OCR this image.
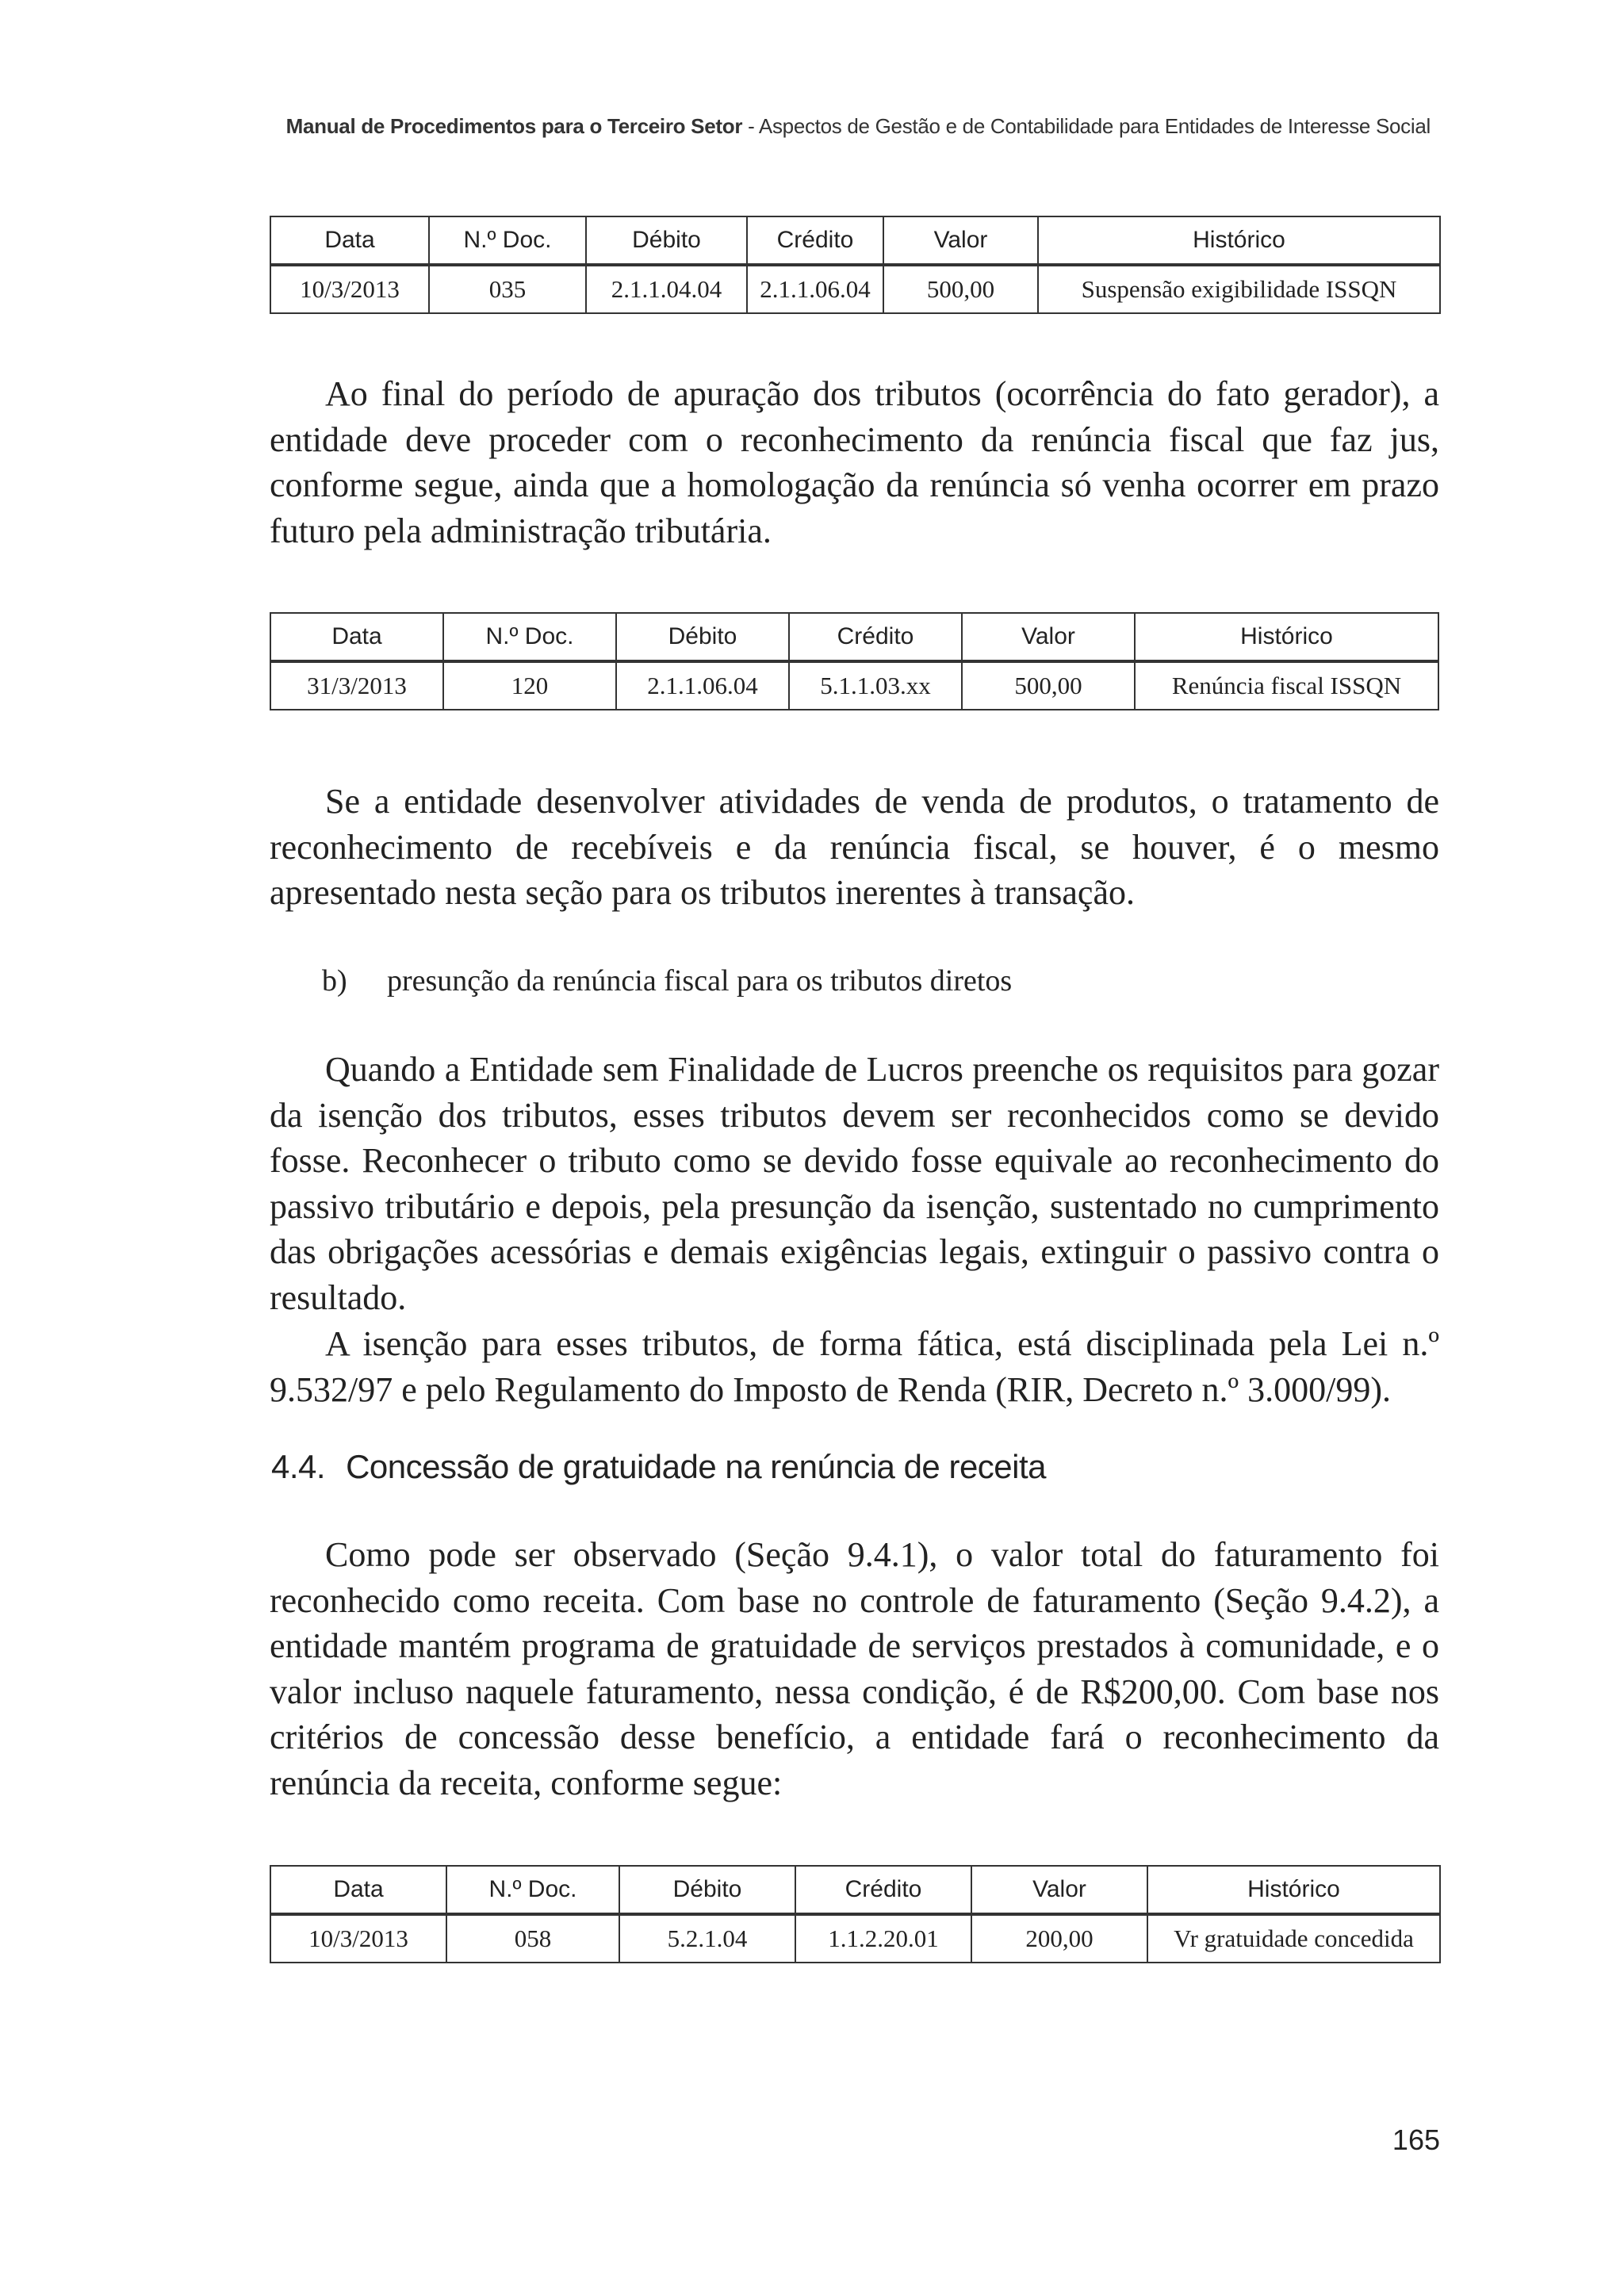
Manual de Procedimentos para o Terceiro Setor - Aspectos de Gestão e de Contabilidade para Entidades de Interesse Social
Data	N.º Doc.	Débito	Crédito	Valor	Histórico
10/3/2013	035	2.1.1.04.04	2.1.1.06.04	500,00	Suspensão exigibilidade ISSQN

Ao final do período de apuração dos tributos (ocorrência do fato gerador), a entidade deve proceder com o reconhecimento da renúncia fiscal que faz jus, conforme segue, ainda que a homologação da renúncia só venha ocorrer em prazo futuro pela administração tributária.

Data	N.º Doc.	Débito	Crédito	Valor	Histórico
31/3/2013	120	2.1.1.06.04	5.1.1.03.xx	500,00	Renúncia fiscal ISSQN

Se a entidade desenvolver atividades de venda de produtos, o tratamento de reconhecimento de recebíveis e da renúncia fiscal, se houver, é o mesmo apresentado nesta seção para os tributos inerentes à transação.

b) presunção da renúncia fiscal para os tributos diretos

Quando a Entidade sem Finalidade de Lucros preenche os requisitos para gozar da isenção dos tributos, esses tributos devem ser reconhecidos como se devido fosse. Reconhecer o tributo como se devido fosse equivale ao reconhecimento do passivo tributário e depois, pela presunção da isenção, sustentado no cumprimento das obrigações acessórias e demais exigências legais, extinguir o passivo contra o resultado.

A isenção para esses tributos, de forma fática, está disciplinada pela Lei n.º 9.532/97 e pelo Regulamento do Imposto de Renda (RIR, Decreto n.º 3.000/99).

4.4. Concessão de gratuidade na renúncia de receita

Como pode ser observado (Seção 9.4.1), o valor total do faturamento foi reconhecido como receita. Com base no controle de faturamento (Seção 9.4.2), a entidade mantém programa de gratuidade de serviços prestados à comunidade, e o valor incluso naquele faturamento, nessa condição, é de R$200,00. Com base nos critérios de concessão desse benefício, a entidade fará o reconhecimento da renúncia da receita, conforme segue:

Data	N.º Doc.	Débito	Crédito	Valor	Histórico
10/3/2013	058	5.2.1.04	1.1.2.20.01	200,00	Vr gratuidade concedida
165
